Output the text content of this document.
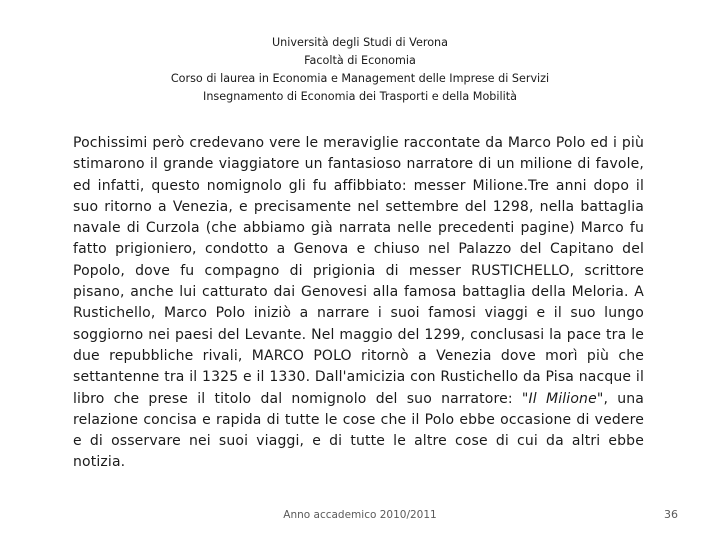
Università degli Studi di Verona
Facoltà di Economia
Corso di laurea in Economia e Management delle Imprese di Servizi
Insegnamento di Economia dei Trasporti e della Mobilità

Pochissimi però credevano vere le meraviglie raccontate da Marco Polo ed i più stimarono il grande viaggiatore un fantasioso narratore di un milione di favole, ed infatti, questo nomignolo gli fu affibbiato: messer Milione.Tre anni dopo il suo ritorno a Venezia, e precisamente nel settembre del 1298, nella battaglia navale di Curzola (che abbiamo già narrata nelle precedenti pagine) Marco fu fatto prigioniero, condotto a Genova e chiuso nel Palazzo del Capitano del Popolo, dove fu compagno di prigionia di messer RUSTICHELLO, scrittore pisano, anche lui catturato dai Genovesi alla famosa battaglia della Meloria. A Rustichello, Marco Polo iniziò a narrare i suoi famosi viaggi e il suo lungo soggiorno nei paesi del Levante. Nel maggio del 1299, conclusasi la pace tra le due repubbliche rivali, MARCO POLO ritornò a Venezia dove morì più che settantenne tra il 1325 e il 1330. Dall'amicizia con Rustichello da Pisa nacque il libro che prese il titolo dal nomignolo del suo narratore: "Il Milione", una relazione concisa e rapida di tutte le cose che il Polo ebbe occasione di vedere e di osservare nei suoi viaggi, e di tutte le altre cose di cui da altri ebbe notizia.

Anno accademico 2010/2011	36
